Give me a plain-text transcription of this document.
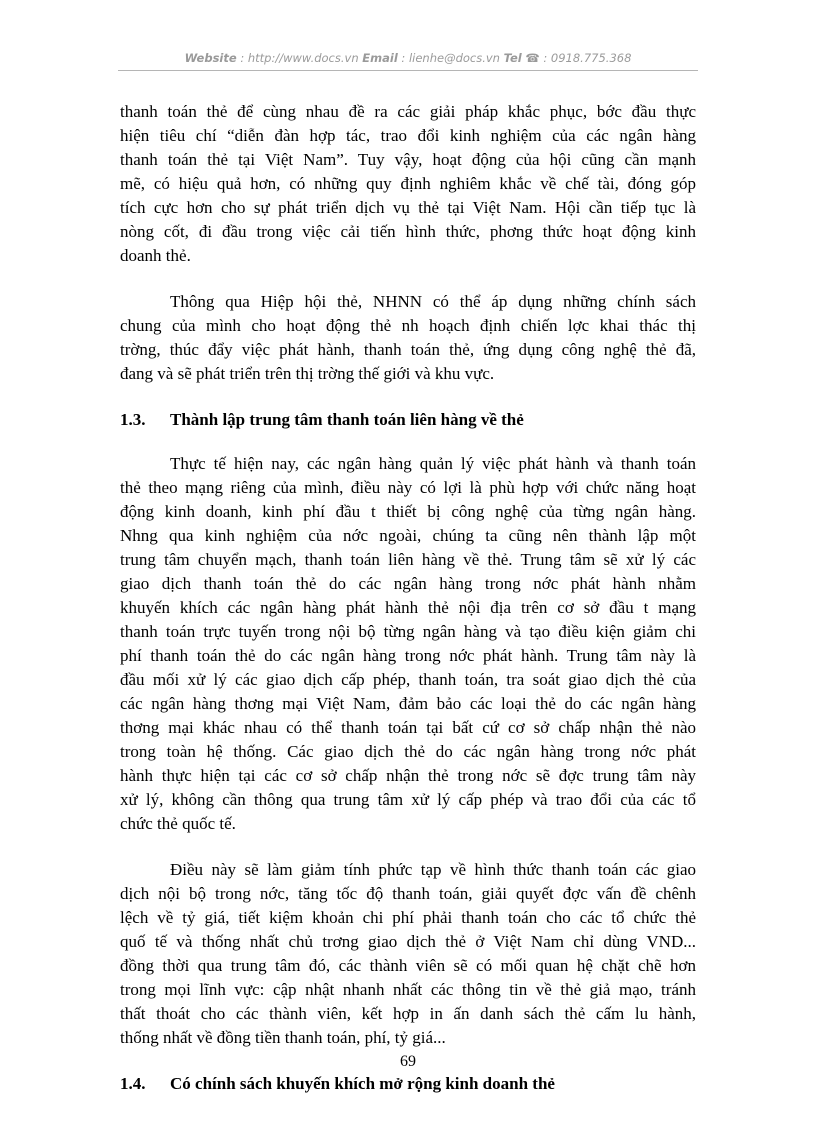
Website : http://www.docs.vn Email : lienhe@docs.vn Tel ☎ : 0918.775.368
thanh toán thẻ để cùng nhau đề ra các giải pháp khắc phục, bớc đầu thực
hiện tiêu chí “diễn đàn hợp tác, trao đổi kinh nghiệm của các ngân hàng
thanh toán thẻ tại Việt Nam”. Tuy vậy, hoạt động của hội cũng cần mạnh
mẽ, có hiệu quả hơn, có những quy định nghiêm khắc về chế tài, đóng góp
tích cực hơn cho sự phát triển dịch vụ thẻ tại Việt Nam. Hội cần tiếp tục là
nòng cốt, đi đầu trong việc cải tiến hình thức, phơng thức hoạt động kinh
doanh thẻ.
Thông qua Hiệp hội thẻ, NHNN có thể áp dụng những chính sách
chung của mình cho hoạt động thẻ nh hoạch định chiến lợc khai thác thị
trờng, thúc đẩy việc phát hành, thanh toán thẻ, ứng dụng công nghệ thẻ đã,
đang và sẽ phát triển trên thị trờng thế giới và khu vực.
1.3.	Thành lập trung tâm thanh toán liên hàng về thẻ
Thực tế hiện nay, các ngân hàng quản lý việc phát hành và thanh toán
thẻ theo mạng riêng của mình, điều này có lợi là phù hợp với chức năng hoạt
động kinh doanh, kinh phí đầu t thiết bị công nghệ của từng ngân hàng.
Nhng qua kinh nghiệm của nớc ngoài, chúng ta cũng nên thành lập một
trung tâm chuyển mạch, thanh toán liên hàng về thẻ. Trung tâm sẽ xử lý các
giao dịch thanh toán thẻ do các ngân hàng trong nớc phát hành nhằm
khuyến khích các ngân hàng phát hành thẻ nội địa trên cơ sở đầu t mạng
thanh toán trực tuyến trong nội bộ từng ngân hàng và tạo điều kiện giảm chi
phí thanh toán thẻ do các ngân hàng trong nớc phát hành. Trung tâm này là
đầu mối xử lý các giao dịch cấp phép, thanh toán, tra soát giao dịch thẻ của
các ngân hàng thơng mại Việt Nam, đảm bảo các loại thẻ do các ngân hàng
thơng mại khác nhau có thể thanh toán tại bất cứ cơ sở chấp nhận thẻ nào
trong toàn hệ thống. Các giao dịch thẻ do các ngân hàng trong nớc phát
hành thực hiện tại các cơ sở chấp nhận thẻ trong nớc sẽ đợc trung tâm này
xử lý, không cần thông qua trung tâm xử lý cấp phép và trao đổi của các tổ
chức thẻ quốc tế.
Điều này sẽ làm giảm tính phức tạp về hình thức thanh toán các giao
dịch nội bộ trong nớc, tăng tốc độ thanh toán, giải quyết đợc vấn đề chênh
lệch về tỷ giá, tiết kiệm khoản chi phí phải thanh toán cho các tổ chức thẻ
quố tế và thống nhất chủ trơng giao dịch thẻ ở Việt Nam chỉ dùng VND...
đồng thời qua trung tâm đó, các thành viên sẽ có mối quan hệ chặt chẽ hơn
trong mọi lĩnh vực: cập nhật nhanh nhất các thông tin về thẻ giả mạo, tránh
thất thoát cho các thành viên, kết hợp in ấn danh sách thẻ cấm lu hành,
thống nhất về đồng tiền thanh toán, phí, tỷ giá...
1.4.	Có chính sách khuyến khích mở rộng kinh doanh thẻ
69
